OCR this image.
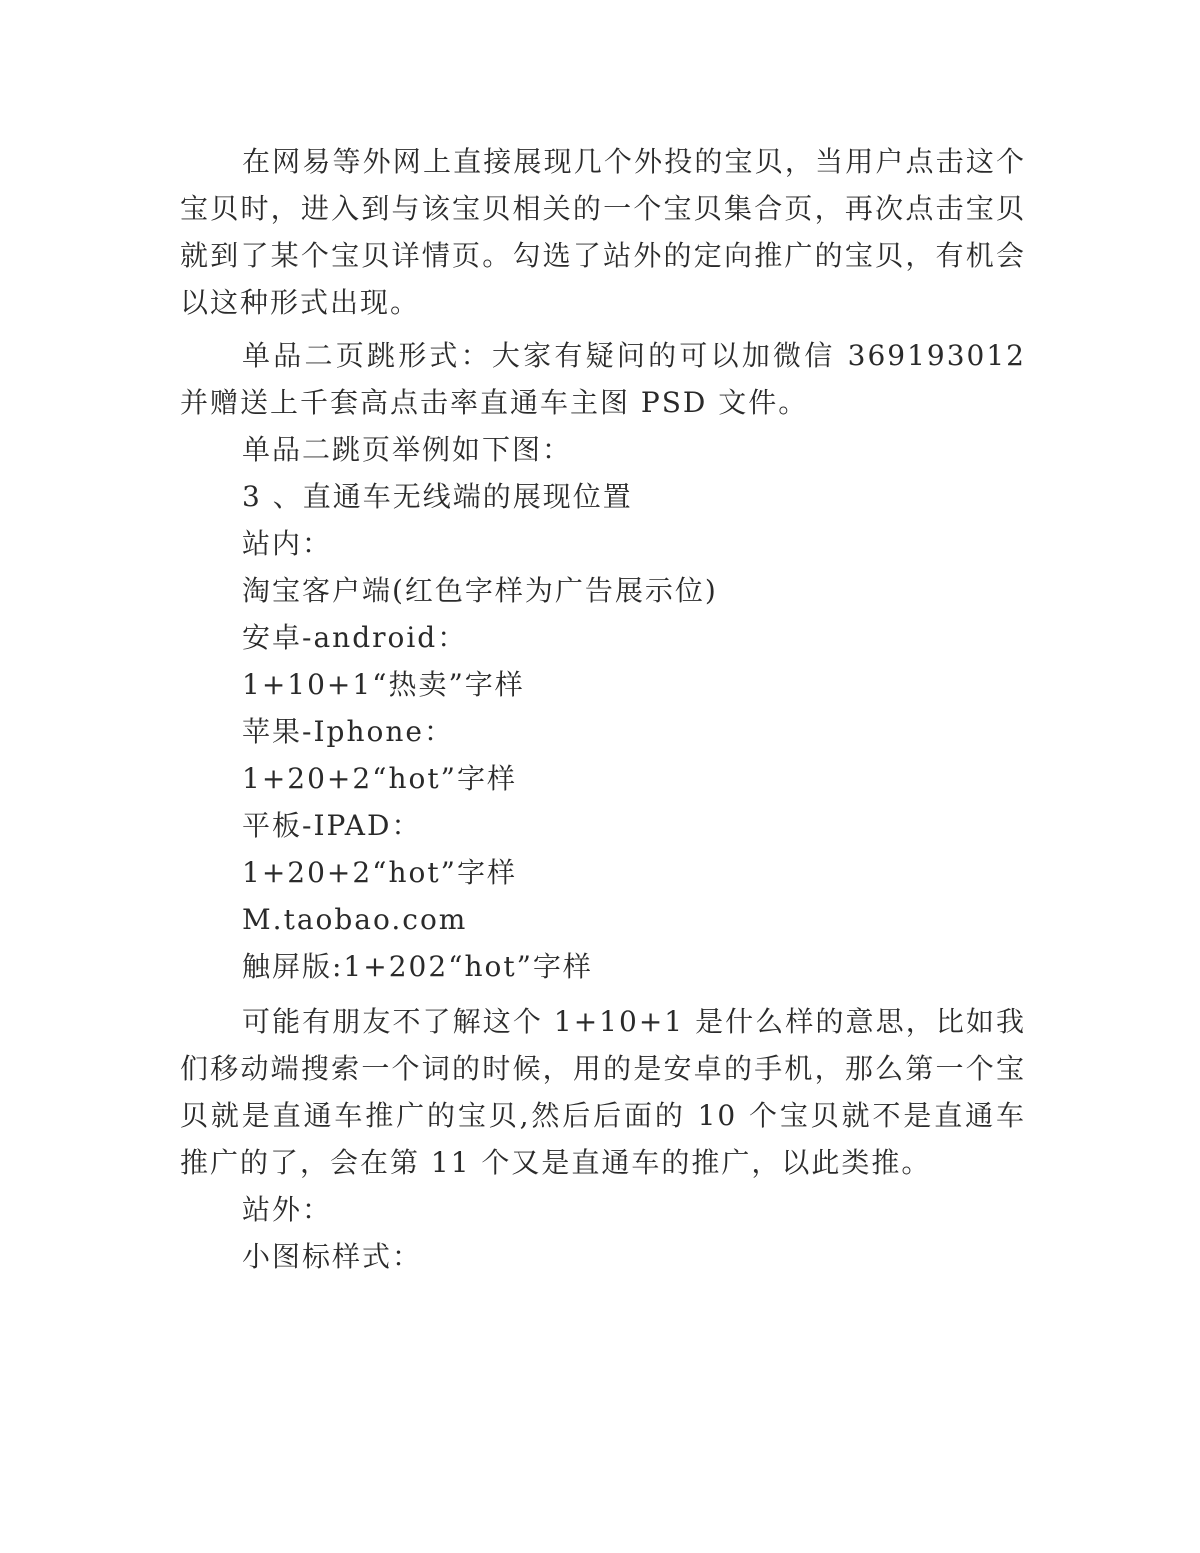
在网易等外网上直接展现几个外投的宝贝，当用户点击这个宝贝时，进入到与该宝贝相关的一个宝贝集合页，再次点击宝贝就到了某个宝贝详情页。勾选了站外的定向推广的宝贝，有机会以这种形式出现。

单品二页跳形式：大家有疑问的可以加微信 369193012 并赠送上千套高点击率直通车主图 PSD 文件。

单品二跳页举例如下图：

3 、直通车无线端的展现位置

站内：

淘宝客户端(红色字样为广告展示位)

安卓-android：

1+10+1“热卖”字样

苹果-Iphone：

1+20+2“hot”字样

平板-IPAD：

1+20+2“hot”字样

M.taobao.com

触屏版:1+202“hot”字样

可能有朋友不了解这个 1+10+1 是什么样的意思，比如我们移动端搜索一个词的时候，用的是安卓的手机，那么第一个宝贝就是直通车推广的宝贝,然后后面的 10 个宝贝就不是直通车推广的了，会在第 11 个又是直通车的推广，以此类推。

站外：

小图标样式：
